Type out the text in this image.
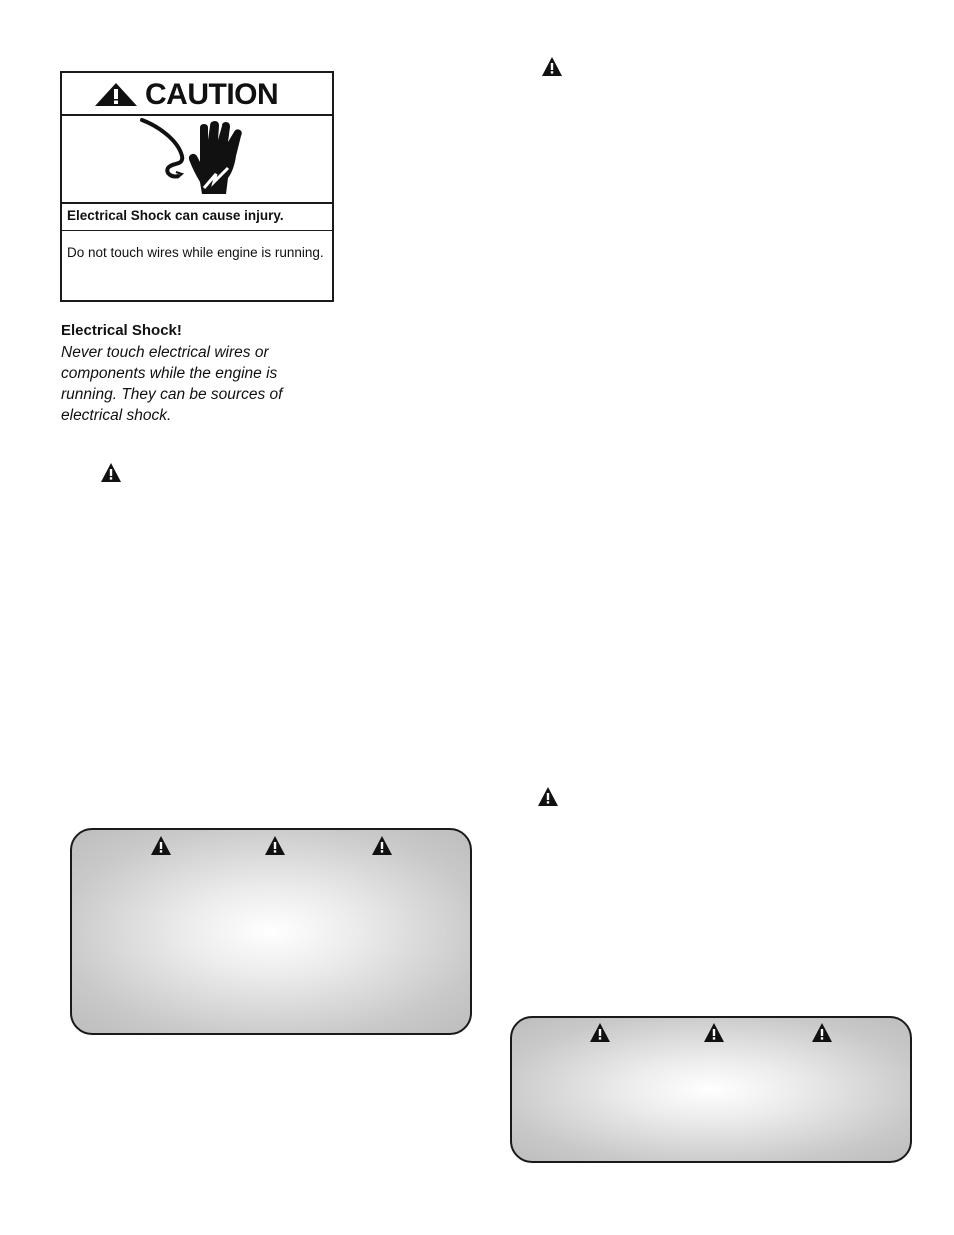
CAUTION
Electrical Shock can cause injury.
Do not touch wires while engine is running.
Electrical Shock!
Never touch electrical wires or components while the engine is running. They can be sources of electrical shock.
